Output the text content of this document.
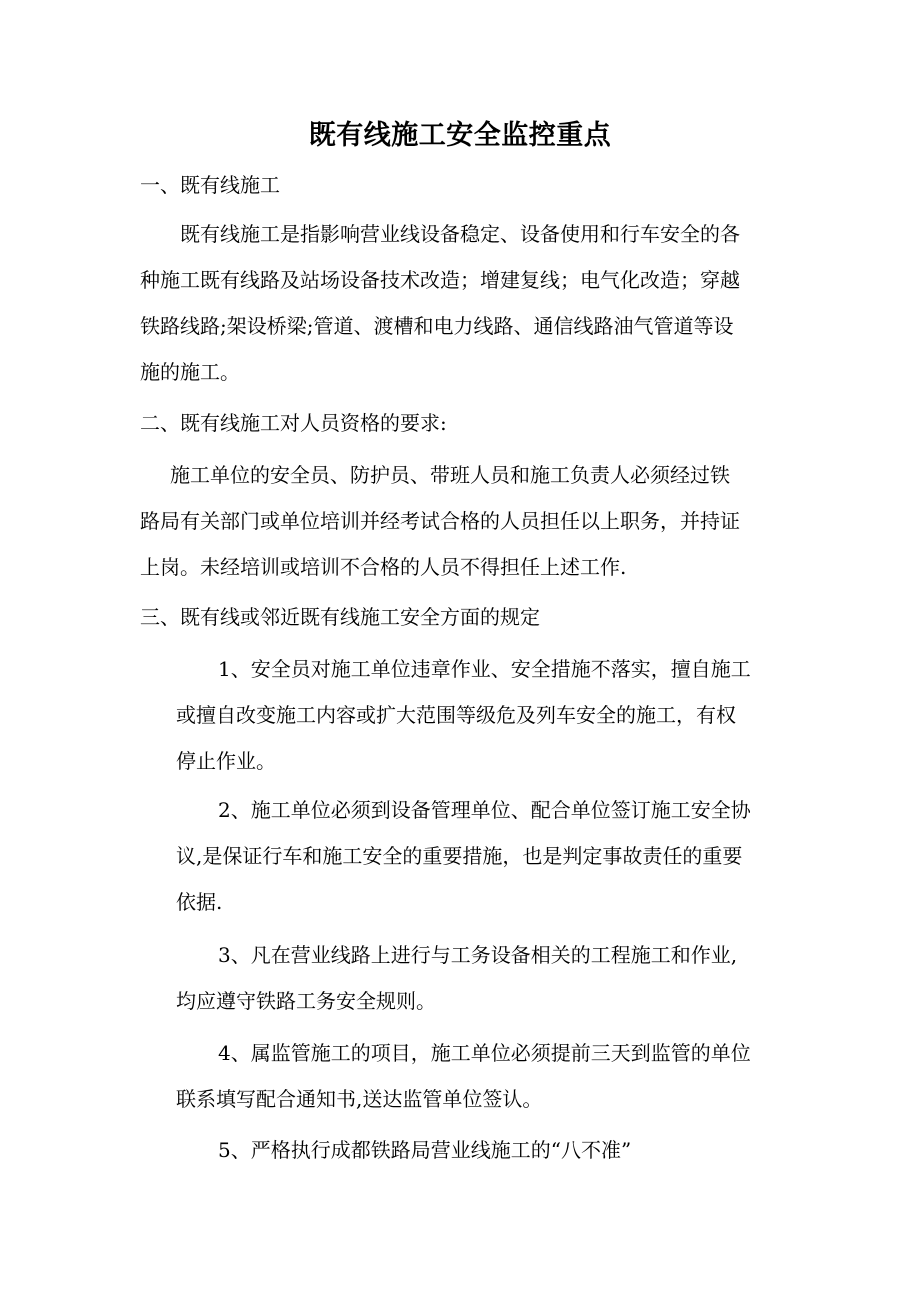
既有线施工安全监控重点
一、既有线施工
既有线施工是指影响营业线设备稳定、设备使用和行车安全的各
种施工既有线路及站场设备技术改造；增建复线；电气化改造；穿越
铁路线路;架设桥梁;管道、渡槽和电力线路、通信线路油气管道等设
施的施工。
二、既有线施工对人员资格的要求:
施工单位的安全员、防护员、带班人员和施工负责人必须经过铁
路局有关部门或单位培训并经考试合格的人员担任以上职务，并持证
上岗。未经培训或培训不合格的人员不得担任上述工作.
三、既有线或邻近既有线施工安全方面的规定
1、安全员对施工单位违章作业、安全措施不落实，擅自施工
或擅自改变施工内容或扩大范围等级危及列车安全的施工，有权
停止作业。
2、施工单位必须到设备管理单位、配合单位签订施工安全协
议,是保证行车和施工安全的重要措施，也是判定事故责任的重要
依据.
3、凡在营业线路上进行与工务设备相关的工程施工和作业,
均应遵守铁路工务安全规则。
4、属监管施工的项目，施工单位必须提前三天到监管的单位
联系填写配合通知书,送达监管单位签认。
5、严格执行成都铁路局营业线施工的“八不准”
